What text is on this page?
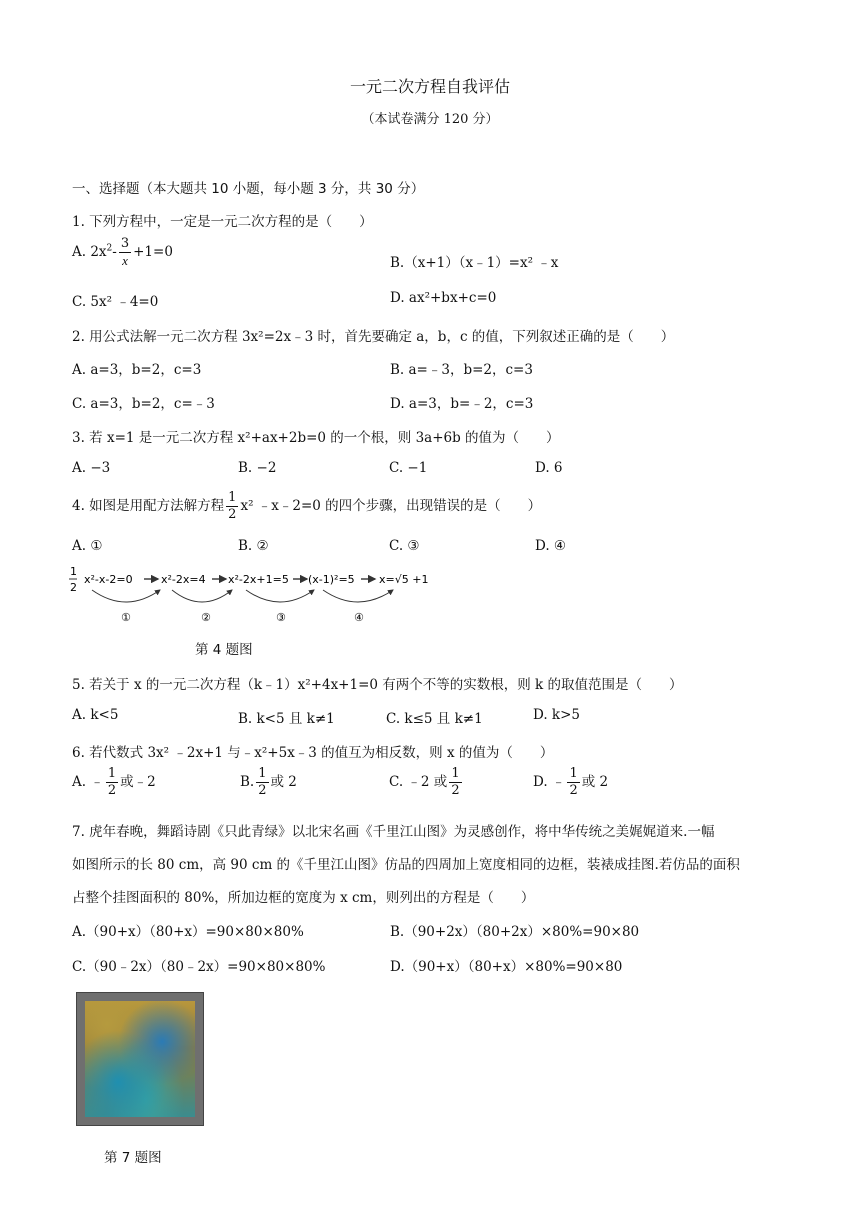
一元二次方程自我评估
（本试卷满分 120 分）
一、选择题（本大题共 10 小题，每小题 3 分，共 30 分）
1. 下列方程中，一定是一元二次方程的是（　　）
A. $2x^2- \frac{3}{x} +1=0$
B.（x+1）（x﹣1）=x² ﹣x
C. 5x² ﹣4=0	D. ax²+bx+c=0
2. 用公式法解一元二次方程 3x²=2x﹣3 时，首先要确定 a，b，c 的值，下列叙述正确的是（　　）
A. a=3，b=2，c=3	B. a=﹣3，b=2，c=3
C. a=3，b=2，c=﹣3	D. a=3，b=﹣2，c=3
3. 若 x=1 是一元二次方程 x²+ax+2b=0 的一个根，则 3a+6b 的值为（　　）
A. −3	B. −2	C. −1	D. 6
4. 如图是用配方法解方程 $\frac{1}{2} x^2$ ﹣x﹣2=0 的四个步骤，出现错误的是（　　）
A. ①	B. ②	C. ③	D. ④
1
2
x²-x-2=0	x²-2x=4 x²-2x+1=5 (x-1)²=5 x=√5 +1
①	②	③	④
第 4 题图
5. 若关于 x 的一元二次方程（k﹣1）x²+4x+1=0 有两个不等的实数根，则 k 的取值范围是（　　）
A. k<5	B. k<5 且 k≠1	C. k≤5 且 k≠1	D. k>5
6. 若代数式 3x² ﹣2x+1 与﹣x²+5x﹣3 的值互为相反数，则 x 的值为（　　）
A. ﹣ $\frac{1}{2}$ 或﹣2	B. $\frac{1}{2}$ 或 2	C. ﹣2 或 $\frac{1}{2}$	D. ﹣ $\frac{1}{2}$ 或 2
7. 虎年春晚，舞蹈诗剧《只此青绿》以北宋名画《千里江山图》为灵感创作，将中华传统之美娓娓道来.一幅
如图所示的长 80 cm，高 90 cm 的《千里江山图》仿品的四周加上宽度相同的边框，装裱成挂图.若仿品的面积
占整个挂图面积的 80%，所加边框的宽度为 x cm，则列出的方程是（　　）
A.（90+x）（80+x）=90×80×80%	B.（90+2x）（80+2x）×80%=90×80
C.（90﹣2x）（80﹣2x）=90×80×80%	D.（90+x）（80+x）×80%=90×80
第 7 题图
